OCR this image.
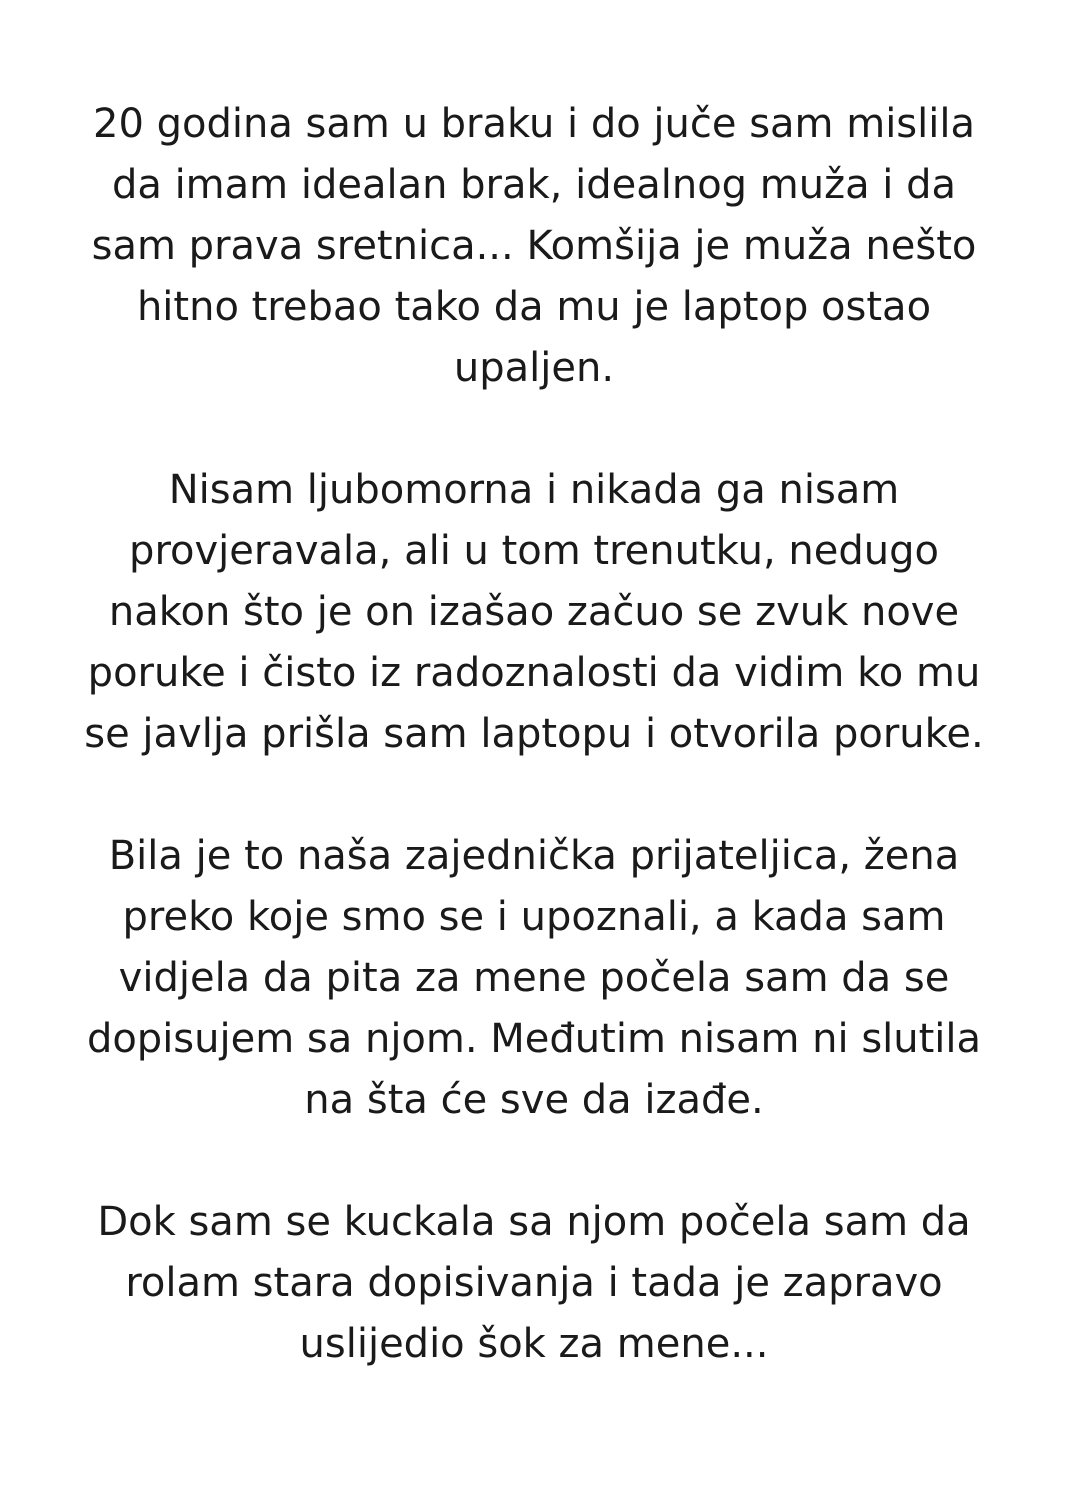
20 godina sam u braku i do juče sam mislila
da imam idealan brak, idealnog muža i da
sam prava sretnica... Komšija je muža nešto
hitno trebao tako da mu je laptop ostao
upaljen.

Nisam ljubomorna i nikada ga nisam
provjeravala, ali u tom trenutku, nedugo
nakon što je on izašao začuo se zvuk nove
poruke i čisto iz radoznalosti da vidim ko mu
se javlja prišla sam laptopu i otvorila poruke.

Bila je to naša zajednička prijateljica, žena
preko koje smo se i upoznali, a kada sam
vidjela da pita za mene počela sam da se
dopisujem sa njom. Međutim nisam ni slutila
na šta će sve da izađe.

Dok sam se kuckala sa njom počela sam da
rolam stara dopisivanja i tada je zapravo
uslijedio šok za mene...
